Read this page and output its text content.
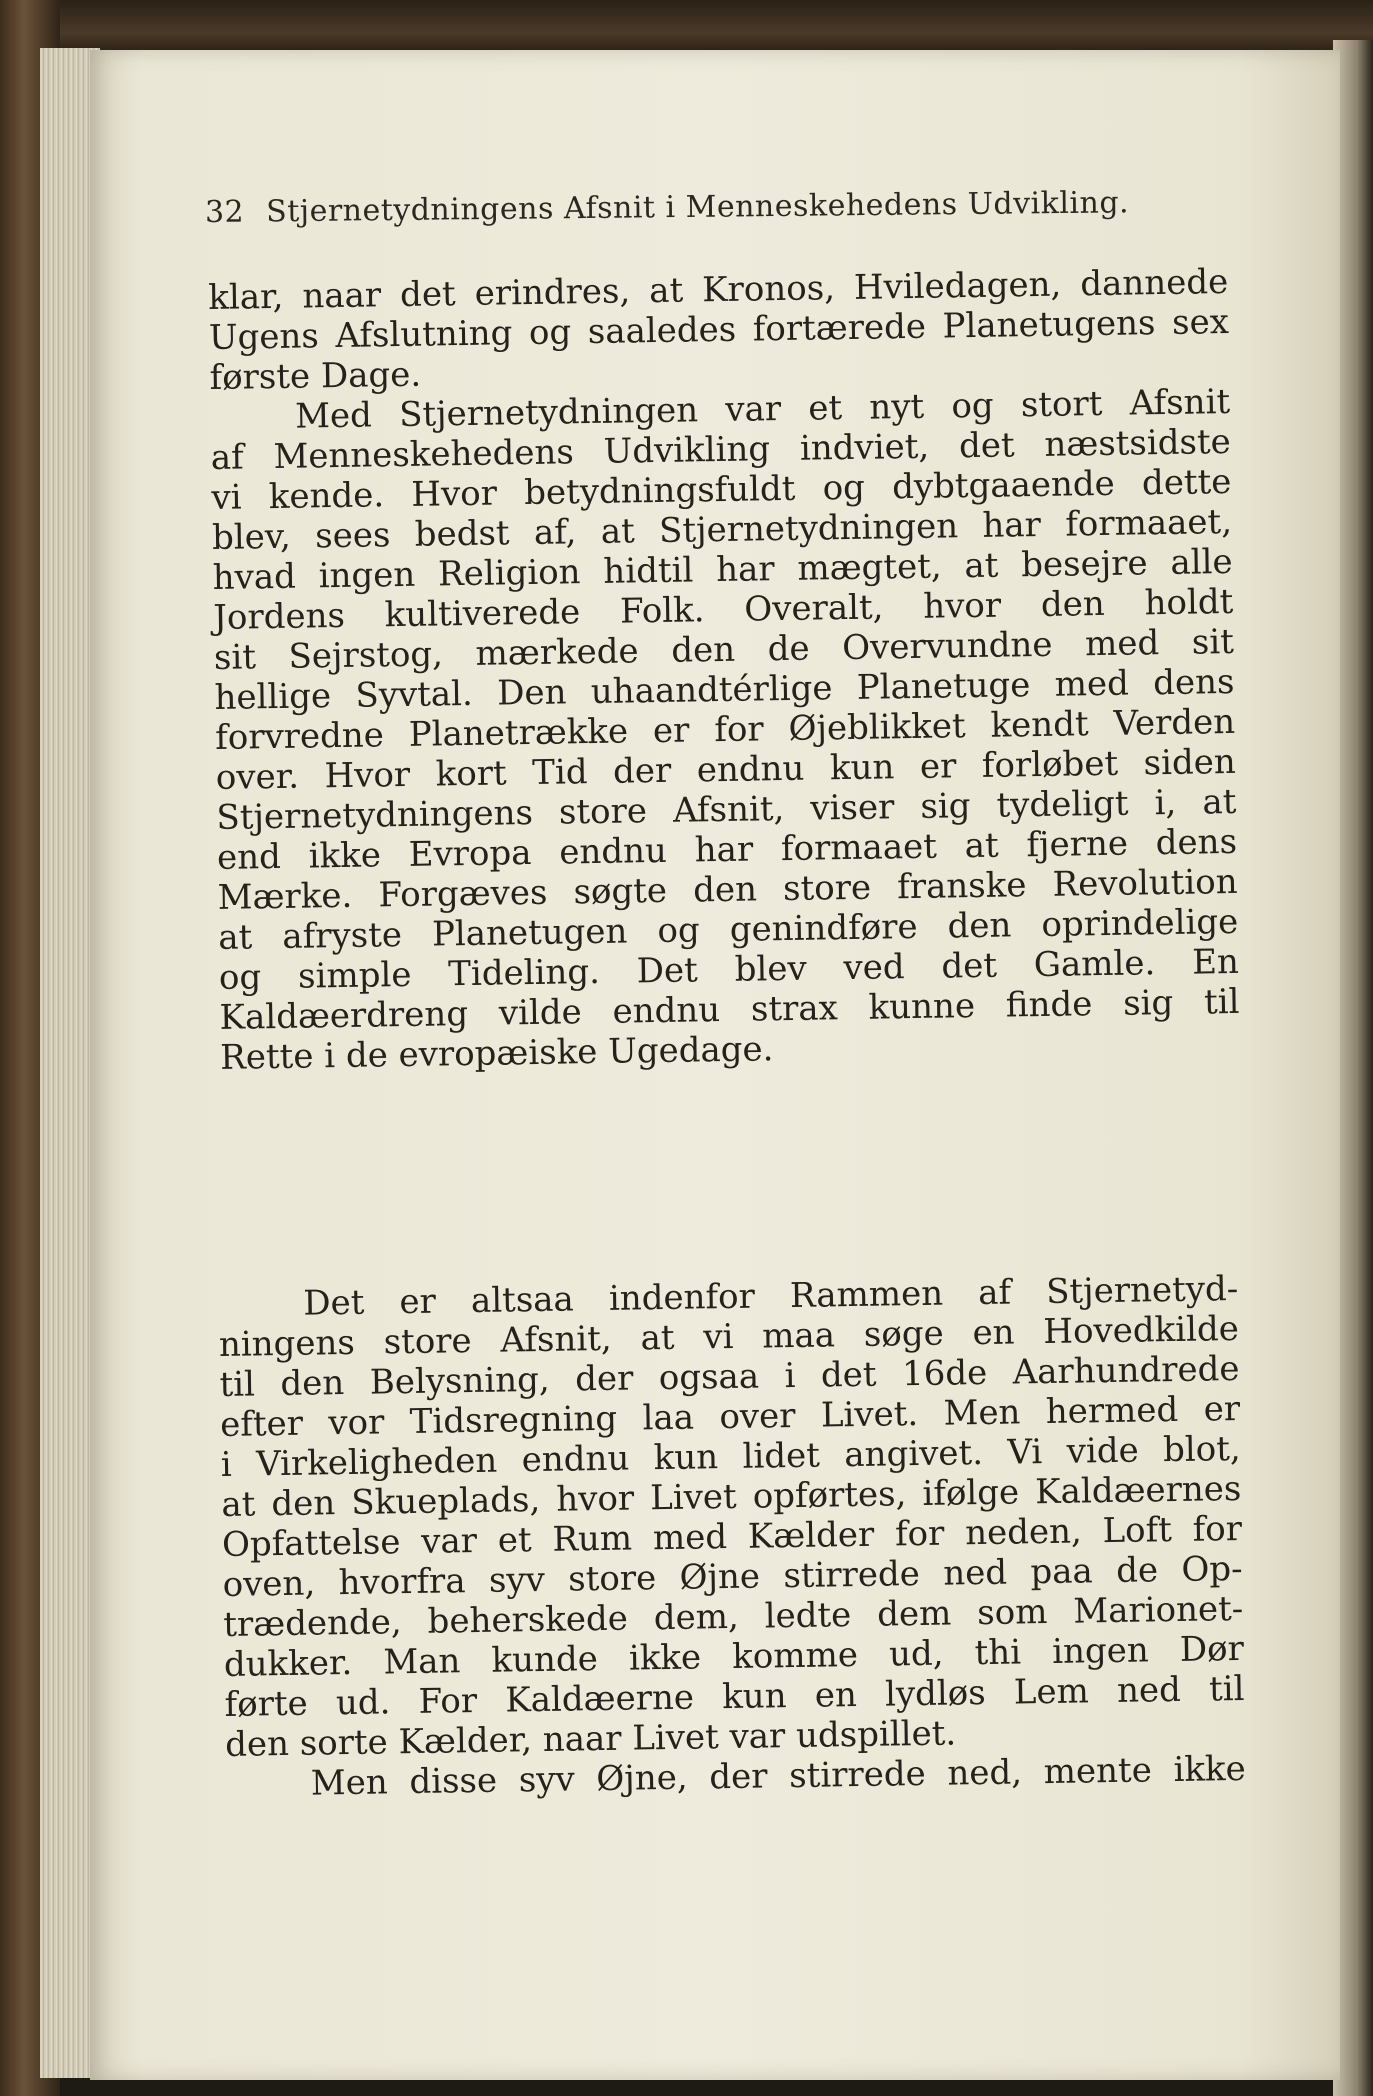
32 Stjernetydningens Afsnit i Menneskehedens Udvikling.
klar, naar det erindres, at Kronos, Hviledagen, dannede
Ugens Afslutning og saaledes fortærede Planetugens sex
første Dage.
Med Stjernetydningen var et nyt og stort Afsnit
af Menneskehedens Udvikling indviet, det næstsidste
vi kende. Hvor betydningsfuldt og dybtgaaende dette
blev, sees bedst af, at Stjernetydningen har formaaet,
hvad ingen Religion hidtil har mægtet, at besejre alle
Jordens kultiverede Folk. Overalt, hvor den holdt
sit Sejrstog, mærkede den de Overvundne med sit
hellige Syvtal. Den uhaandtérlige Planetuge med dens
forvredne Planetrække er for Øjeblikket kendt Verden
over. Hvor kort Tid der endnu kun er forløbet siden
Stjernetydningens store Afsnit, viser sig tydeligt i, at
end ikke Evropa endnu har formaaet at fjerne dens
Mærke. Forgæves søgte den store franske Revolution
at afryste Planetugen og genindføre den oprindelige
og simple Tideling. Det blev ved det Gamle. En
Kaldæerdreng vilde endnu strax kunne finde sig til
Rette i de evropæiske Ugedage.
Det er altsaa indenfor Rammen af Stjernetyd-
ningens store Afsnit, at vi maa søge en Hovedkilde
til den Belysning, der ogsaa i det 16de Aarhundrede
efter vor Tidsregning laa over Livet. Men hermed er
i Virkeligheden endnu kun lidet angivet. Vi vide blot,
at den Skueplads, hvor Livet opførtes, ifølge Kaldæernes
Opfattelse var et Rum med Kælder for neden, Loft for
oven, hvorfra syv store Øjne stirrede ned paa de Op-
trædende, beherskede dem, ledte dem som Marionet-
dukker. Man kunde ikke komme ud, thi ingen Dør
førte ud. For Kaldæerne kun en lydløs Lem ned til
den sorte Kælder, naar Livet var udspillet.
Men disse syv Øjne, der stirrede ned, mente ikke
